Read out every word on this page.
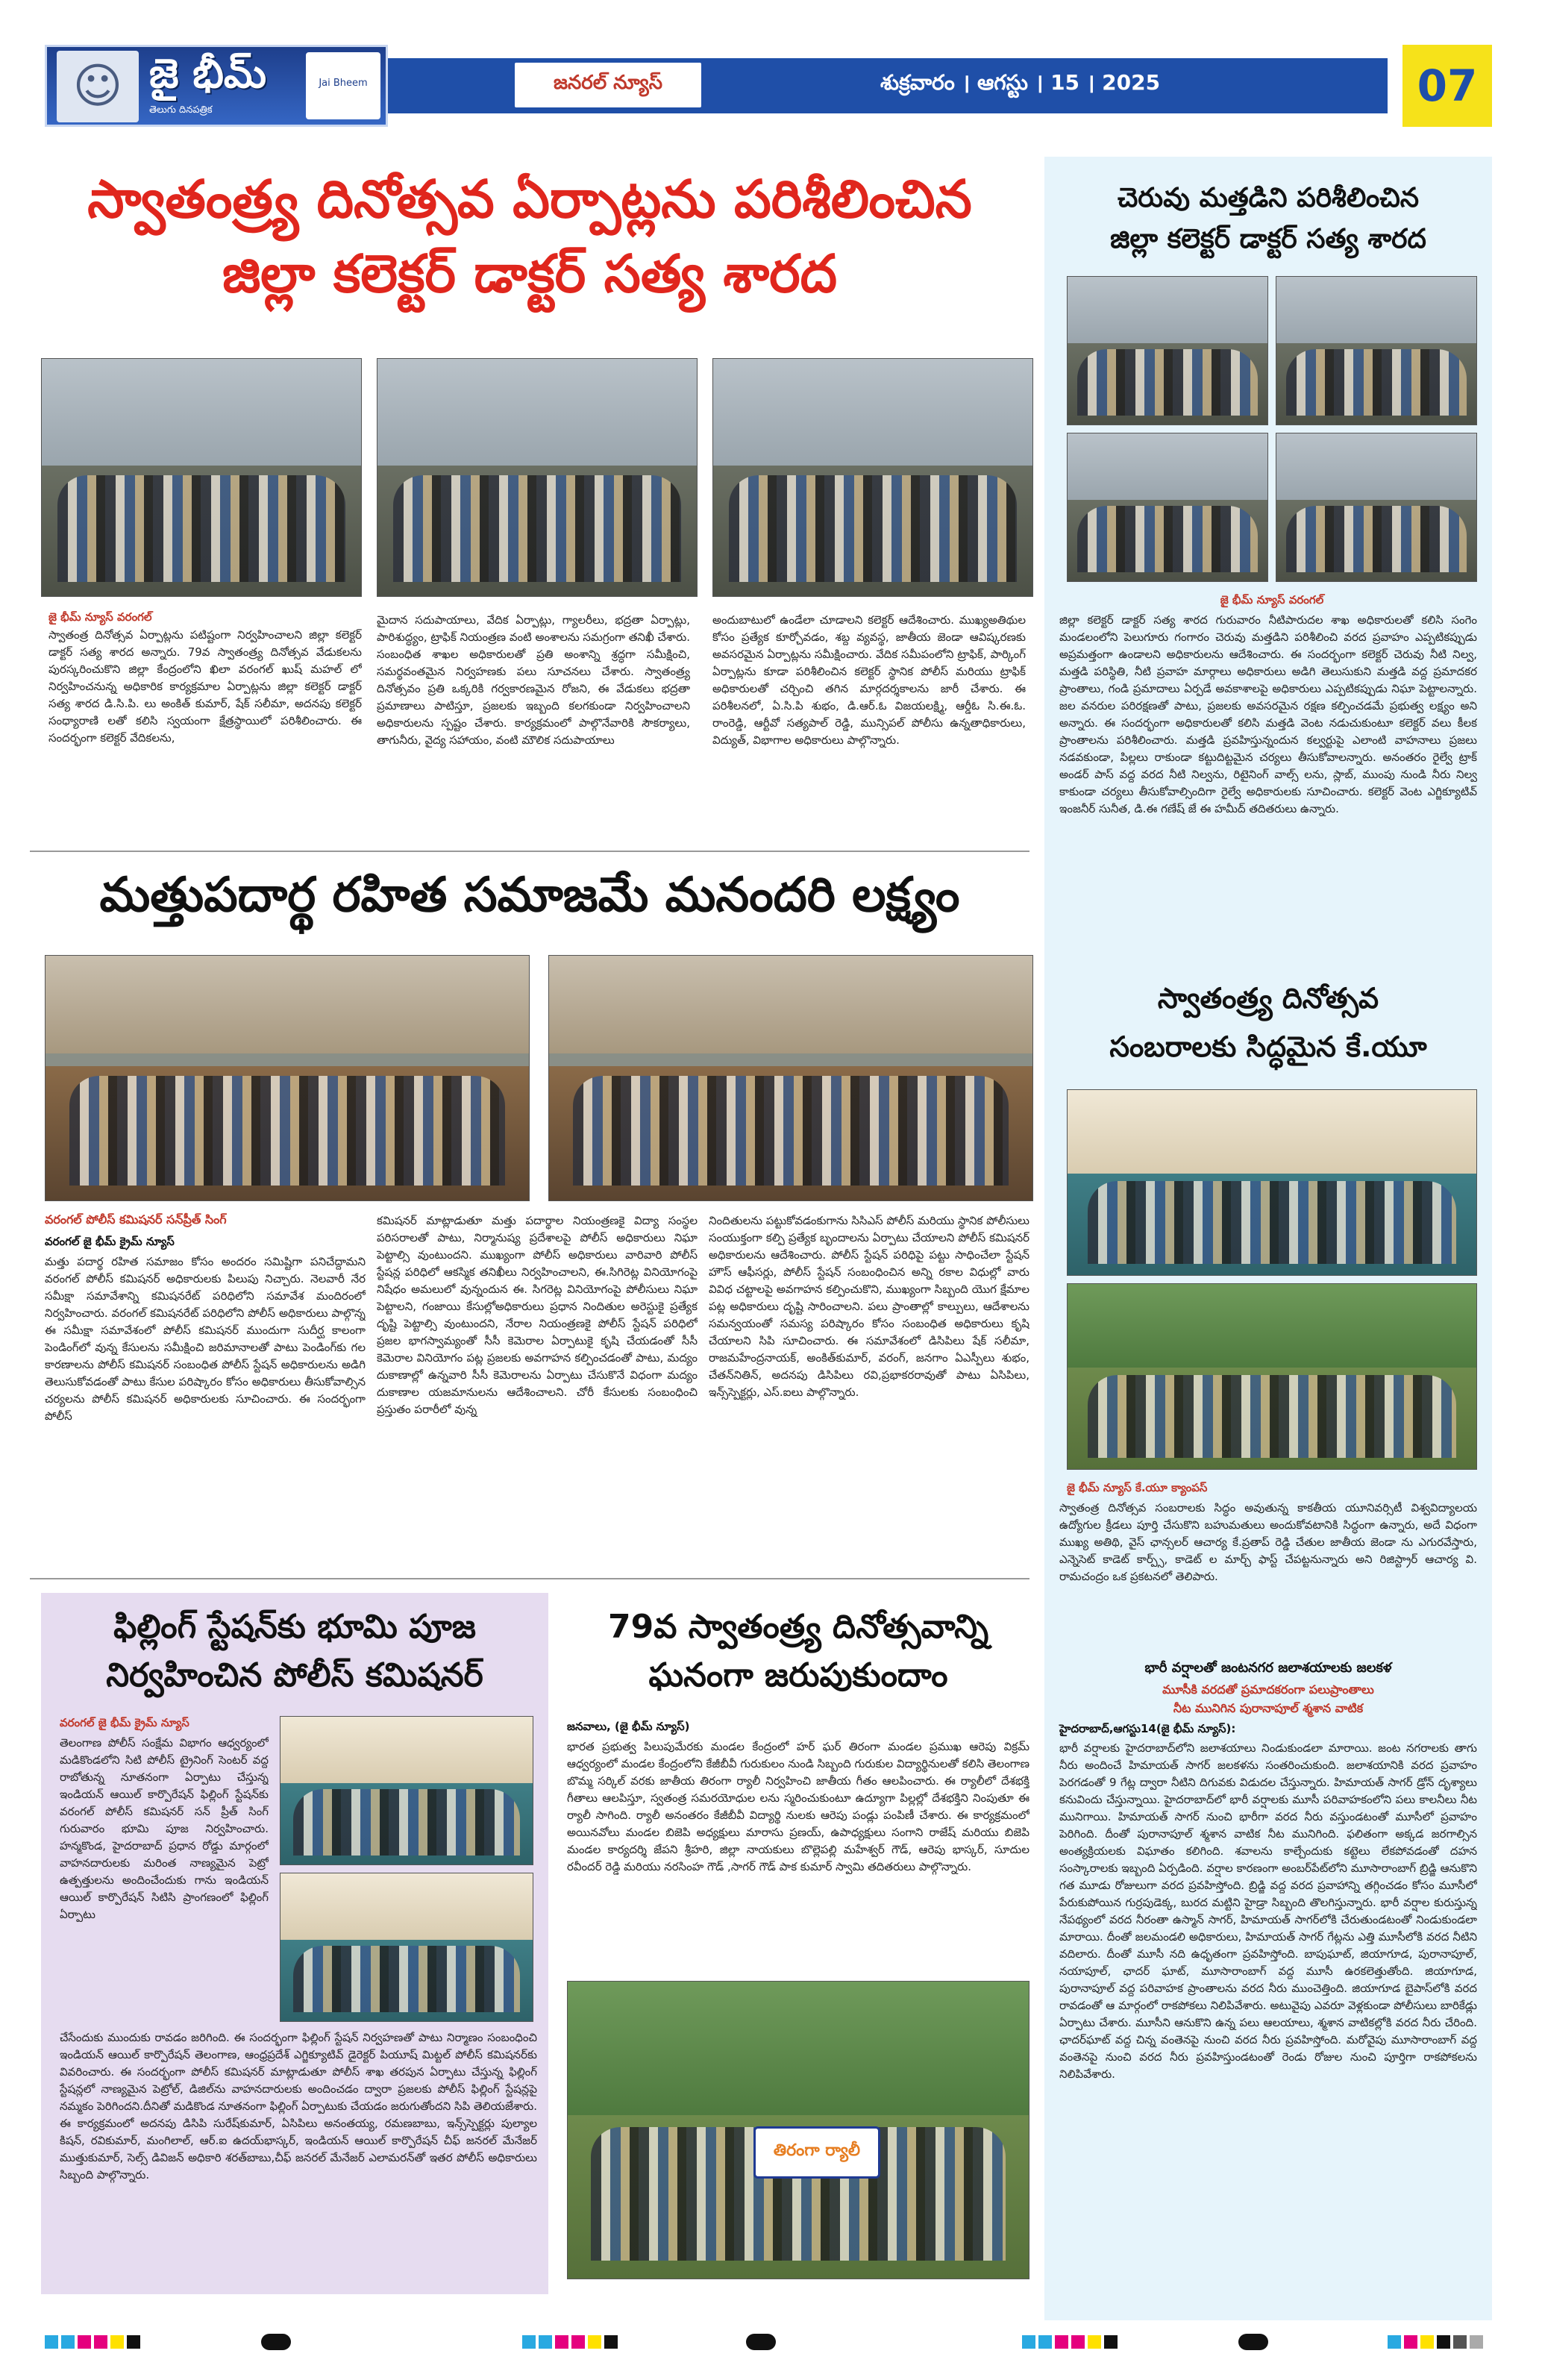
☺ జై భీమ్
తెలుగు దినపత్రిక
Jai Bheem	జనరల్ న్యూస్	శుక్రవారం । ఆగస్టు । 15 । 2025	07
స్వాతంత్ర్య దినోత్సవ ఏర్పాట్లను పరిశీలించిన
జిల్లా కలెక్టర్ డాక్టర్ సత్య శారద
జై భీమ్ న్యూస్ వరంగల్
స్వాతంత్ర దినోత్సవ ఏర్పాట్లను పటిష్టంగా నిర్వహించాలని జిల్లా కలెక్టర్ డాక్టర్ సత్య శారద అన్నారు. 79వ స్వాతంత్ర్య దినోత్సవ వేడుకలను పురస్కరించుకొని జిల్లా కేంద్రంలోని ఖిలా వరంగల్ ఖుష్ మహల్ లో నిర్వహించనున్న అధికారిక కార్యక్రమాల ఏర్పాట్లను జిల్లా కలెక్టర్ డాక్టర్ సత్య శారద డి.సి.పి. లు అంకిత్ కుమార్, షేక్ సలీమా, అదనపు కలెక్టర్ సంధ్యారాణి లతో కలిసి స్వయంగా క్షేత్రస్థాయిలో పరిశీలించారు. ఈ సందర్భంగా కలెక్టర్ వేదికలను,
మైదాన సదుపాయాలు, వేదిక ఏర్పాట్లు, గ్యాలరీలు, భద్రతా ఏర్పాట్లు, పారిశుద్ధ్యం, ట్రాఫిక్ నియంత్రణ వంటి అంశాలను సమగ్రంగా తనిఖీ చేశారు. సంబంధిత శాఖల అధికారులతో ప్రతి అంశాన్ని శ్రద్ధగా సమీక్షించి, సమర్థవంతమైన నిర్వహణకు పలు సూచనలు చేశారు. స్వాతంత్ర్య దినోత్సవం ప్రతి ఒక్కరికి గర్వకారణమైన రోజని, ఈ వేడుకలు భద్రతా ప్రమాణాలు పాటిస్తూ, ప్రజలకు ఇబ్బంది కలగకుండా నిర్వహించాలని అధికారులను స్పష్టం చేశారు. కార్యక్రమంలో పాల్గొనేవారికి సౌకర్యాలు, తాగునీరు, వైద్య సహాయం, వంటి మౌలిక సదుపాయాలు
అందుబాటులో ఉండేలా చూడాలని కలెక్టర్ ఆదేశించారు. ముఖ్యఅతిథుల కోసం ప్రత్యేక కూర్చోవడం, శబ్ద వ్యవస్థ, జాతీయ జెండా ఆవిష్కరణకు అవసరమైన ఏర్పాట్లను సమీక్షించారు. వేదిక సమీపంలోని ట్రాఫిక్, పార్కింగ్ ఏర్పాట్లను కూడా పరిశీలించిన కలెక్టర్ స్థానిక పోలీస్ మరియు ట్రాఫిక్ అధికారులతో చర్చించి తగిన మార్గదర్శకాలను జారీ చేశారు. ఈ పరిశీలనలో, ఏ.సి.పి శుభం, డి.ఆర్.ఓ విజయలక్ష్మి, ఆర్డీఓ సి.ఈ.ఓ. రాంరెడ్డి, ఆర్టీవో సత్యపాల్ రెడ్డి, మున్సిపల్ పోలీసు ఉన్నతాధికారులు, విద్యుత్, విభాగాల అధికారులు పాల్గొన్నారు.
మత్తుపదార్థ రహిత సమాజమే మనందరి లక్ష్యం
వరంగల్ పోలీస్ కమిషనర్ సన్‌ప్రీత్ సింగ్
వరంగల్ జై భీమ్ క్రైమ్ న్యూస్
మత్తు పదార్థ రహిత సమాజం కోసం అందరం సమిష్టిగా పనిచేద్దామని వరంగల్ పోలీస్ కమిషనర్ అధికారులకు పిలుపు నిచ్చారు. నెలవారీ నేర సమీక్షా సమావేశాన్ని కమిషనరేట్ పరిధిలోని సమావేశ మందిరంలో నిర్వహించారు. వరంగల్ కమిషనరేట్ పరిధిలోని పోలీస్ అధికారులు పాల్గొన్న ఈ సమీక్షా సమావేశంలో పోలీస్ కమిషనర్ ముందుగా సుదీర్ఘ కాలంగా పెండింగ్‌లో వున్న కేసులను సమీక్షించి జరిమానాలతో పాటు పెండింగ్‌కు గల కారణాలను పోలీస్ కమిషనర్ సంబంధిత పోలీస్ స్టేషన్ అధికారులను అడిగి తెలుసుకోవడంతో పాటు కేసుల పరిష్కారం కోసం అధికారులు తీసుకోవాల్సిన చర్యలను పోలీస్ కమిషనర్ అధికారులకు సూచించారు. ఈ సందర్భంగా పోలీస్
కమిషనర్ మాట్లాడుతూ మత్తు పదార్థాల నియంత్రణకై విద్యా సంస్థల పరిసరాలతో పాటు, నిర్మానుష్య ప్రదేశాలపై పోలీస్ అధికారులు నిఘా పెట్టాల్సి వుంటుందని. ముఖ్యంగా పోలీస్ అధికారులు వారివారి పోలీస్ స్టేషన్ల పరిధిలో ఆకస్మిక తనిఖీలు నిర్వహించాలని, ఈ.సిగిరెట్ల వినియోగంపై నిషేధం అమలులో వున్నందున ఈ. సిగరెట్ల వినియోగంపై పోలీసులు నిఘా పెట్టాలని, గంజాయి కేసుల్లోఅధికారులు ప్రధాన నిందితుల అరెస్టుకై ప్రత్యేక దృష్టి పెట్టాల్సి వుంటుందని, నేరాల నియంత్రణకై పోలీస్ స్టేషన్ పరిధిలో ప్రజల భాగస్వామ్యంతో సీసీ కెమెరాల ఏర్పాటుకై కృషి చేయడంతో సీసీ కెమెరాల వినియోగం పట్ల ప్రజలకు అవగాహన కల్పించడంతో పాటు, మద్యం దుకాణాల్లో ఉన్నవారి సీసీ కెమెరాలను ఏర్పాటు చేసుకొనే విధంగా మద్యం దుకాణాల యజమానులను ఆదేశించాలని. చోరీ కేసులకు సంబంధించి ప్రస్తుతం పరారీలో వున్న
నిందితులను పట్టుకోవడంకుగాను సిసిఎస్ పోలీస్ మరియు స్థానిక పోలీసులు సంయుక్తంగా కల్పి ప్రత్యేక బృందాలను ఏర్పాటు చేయాలని పోలీస్ కమిషనర్ అధికారులను ఆదేశించారు. పోలీస్ స్టేషన్ పరిధిపై పట్టు సాధించేలా స్టేషన్ హౌస్ ఆఫీసర్లు, పోలీస్ స్టేషన్ సంబంధించిన అన్ని రకాల విధుల్లో వారు వివిధ చట్టాలపై అవగాహన కల్పించుకొని, ముఖ్యంగా సిబ్బంది యొగ క్షేమాల పట్ల అధికారులు దృష్టి సారించాలని. పలు ప్రాంతాల్లో కాల్పులు, ఆదేశాలను సమన్వయంతో సమస్య పరిష్కారం కోసం సంబంధిత అధికారులు కృషి చేయాలని సిపి సూచించారు. ఈ సమావేశంలో డిసిపిలు షేక్ సలీమా, రాజమహేంద్రనాయక్, అంకిత్‌కుమార్, వరంగ్, జనగాం ఏఎస్పీలు శుభం, చేతన్‌నితిన్, అదనపు డిసిపిలు రవి,ప్రభాకరరావుతో పాటు ఏసిపిలు, ఇన్స్‌స్పెక్టర్లు, ఎస్.ఐలు పాల్గొన్నారు.
ఫిల్లింగ్ స్టేషన్‌కు భూమి పూజ
నిర్వహించిన పోలీస్ కమిషనర్
వరంగల్ జై భీమ్ క్రైమ్ న్యూస్
తెలంగాణ పోలీస్ సంక్షేమ విభాగం ఆధ్వర్యంలో మడికొండలోని సిటి పోలీస్ ట్రైనింగ్ సెంటర్ వద్ద రాబోతున్న నూతనంగా ఏర్పాటు చేస్తున్న ఇండియన్ ఆయిల్ కార్పొరేషన్ ఫిల్లింగ్ స్టేషన్‌కు వరంగల్ పోలీస్ కమిషనర్ సన్ ప్రీత్ సింగ్ గురువారం భూమి పూజ నిర్వహించారు. హన్మకొండ, హైదరాబాద్ ప్రధాన రోడ్డు మార్గంలో వాహనదారులకు మరింత నాణ్యమైన పెట్రో ఉత్పత్తులను అందించేందుకు గాను ఇండియన్ ఆయిల్ కార్పొరేషన్ సిటిసి ప్రాంగణంలో ఫిల్లింగ్ ఏర్పాటు
చేసేందుకు ముందుకు రావడం జరిగింది. ఈ సందర్భంగా ఫిల్లింగ్ స్టేషన్ నిర్వహణతో పాటు నిర్మాణం సంబంధించి ఇండియన్ ఆయిల్ కార్పొరేషన్ తెలంగాణ, ఆంధ్రప్రదేశ్ ఎగ్జిక్యూటివ్ డైరెక్టర్ పియూష్ మిట్టల్ పోలీస్ కమిషనర్‌కు వివరించారు. ఈ సందర్భంగా పోలీస్ కమిషనర్ మాట్లాడుతూ పోలీస్ శాఖ తరపున ఏర్పాటు చేస్తున్న ఫిల్లింగ్ స్టేషన్లలో నాణ్యమైన పెట్రోల్, డిజిల్‌ను వాహనదారులకు అందించడం ద్వారా ప్రజలకు పోలీస్ ఫిల్లింగ్ స్టేషన్లపై నమ్మకం పెరిగిందని.దీనితో మడికొండ నూతనంగా ఫిల్లింగ్ ఏర్పాటుకు చేయడం జరుగుతోందని సిపి తెలియజేశారు. ఈ కార్యక్రమంలో అదనపు డిసిపి సురేష్‌కుమార్, ఏసిపిలు అనంతయ్య, రమణబాబు, ఇన్స్‌స్పెక్టర్లు పుల్యాల కిషన్, రవికుమార్, మంగిలాల్, ఆర్.ఐ ఉదయ్‌భాస్కర్, ఇండియన్ ఆయిల్ కార్పొరేషన్ చీఫ్ జనరల్ మేనేజర్ ముత్తుకుమార్, సెల్స్ డివిజన్ అధికారి శరత్‌బాబు,చీఫ్ జనరల్ మేనేజర్ ఎలామరన్‌తో ఇతర పోలీస్ అధికారులు సిబ్బంది పాల్గొన్నారు.
79వ స్వాతంత్ర్య దినోత్సవాన్ని
ఘనంగా జరుపుకుందాం
జనవాలు, (జై భీమ్ న్యూస్)
భారత ప్రభుత్వ పిలుపుమేరకు మండల కేంద్రంలో హర్ ఘర్ తిరంగా మండల ప్రముఖ ఆరెపు విక్రమ్ ఆధ్వర్యంలో మండల కేంద్రంలోని కేజీబీవీ గురుకులం నుండి సిబ్బంది గురుకుల విద్యార్థినులతో కలిసి తెలంగాణ బొమ్మ సర్కిల్ వరకు జాతీయ తిరంగా ర్యాలీ నిర్వహించి జాతీయ గీతం ఆలపించారు. ఈ ర్యాలీలో దేశభక్తి గీతాలు ఆలపిస్తూ, స్వతంత్ర సమరయోధుల లను స్మరించుకుంటూ ఉద్యూగా పిల్లల్లో దేశభక్తిని నింపుతూ ఈ ర్యాలీ సాగింది. ర్యాలీ అనంతరం కేజీబీవీ విద్యార్థి నులకు ఆరెపు పండ్లు పంపిణీ చేశారు. ఈ కార్యక్రమంలో అయినవోలు మండల బిజెపి అధ్యక్షులు మారాసు ప్రణయ్, ఉపాధ్యక్షులు సంగాని రాజేష్ మరియు బిజెపి మండల కార్యదర్శి జేపని శ్రీహరి, జిల్లా నాయకులు బొల్లెపల్లి మహేశ్వర్ గౌడ్, ఆరెపు భాస్కర్, సూదుల రవీందర్ రెడ్డి మరియు నరసింహ గౌడ్ ,సాగర్ గౌడ్ పాక కుమార్ స్వామి తదితరులు పాల్గొన్నారు.
తిరంగా ర్యాలీ
చెరువు మత్తడిని పరిశీలించిన
జిల్లా కలెక్టర్ డాక్టర్ సత్య శారద
జై భీమ్ న్యూస్ వరంగల్
జిల్లా కలెక్టర్ డాక్టర్ సత్య శారద గురువారం నీటిపారుదల శాఖ అధికారులతో కలిసి సంగెం మండలంలోని పెలుగూరు గంగారం చెరువు మత్తడిని పరిశీలించి వరద ప్రవాహం ఎప్పటికప్పుడు అప్రమత్తంగా ఉండాలని అధికారులను ఆదేశించారు. ఈ సందర్భంగా కలెక్టర్ చెరువు నీటి నిల్వ, మత్తడి పరిస్థితి, నీటి ప్రవాహ మార్గాలు అధికారులు అడిగి తెలుసుకుని మత్తడి వద్ద ప్రమాదకర ప్రాంతాలు, గండి ప్రమాదాలు ఏర్పడే అవకాశాలపై అధికారులు ఎప్పటికప్పుడు నిఘా పెట్టాలన్నారు. జల వనరుల పరిరక్షణతో పాటు, ప్రజలకు అవసరమైన రక్షణ కల్పించడమే ప్రభుత్వ లక్ష్యం అని అన్నారు. ఈ సందర్భంగా అధికారులతో కలిసి మత్తడి వెంట నడుచుకుంటూ కలెక్టర్ వలు కీలక ప్రాంతాలను పరిశీలించారు. మత్తడి ప్రవహిస్తున్నందున కల్వర్టుపై ఎలాంటి వాహనాలు ప్రజలు నడవకుండా, పిల్లలు రాకుండా కట్టుదిట్టమైన చర్యలు తీసుకోవాలన్నారు. అనంతరం రైల్వే ట్రాక్ అండర్ పాస్ వద్ద వరద నీటి నిల్వను, రిటైనింగ్ వాల్స్ లను, స్లాబ్, ముంపు నుండి నీరు నిల్వ కాకుండా చర్యలు తీసుకోవాల్సిందిగా రైల్వే అధికారులకు సూచించారు. కలెక్టర్ వెంట ఎగ్జిక్యూటివ్ ఇంజనీర్ సునీత, డి.ఈ గణేష్ జే ఈ హమీద్ తదితరులు ఉన్నారు.
స్వాతంత్ర్య దినోత్సవ
సంబరాలకు సిద్ధమైన కే.యూ
జై భీమ్ న్యూస్ కే.యూ క్యాంపస్
స్వాతంత్ర దినోత్సవ సంబరాలకు సిద్ధం అవుతున్న కాకతీయ యూనివర్సిటీ విశ్వవిద్యాలయ ఉద్యోగుల క్రీడలు పూర్తి చేసుకొని బహుమతులు అందుకోవటానికి సిద్ధంగా ఉన్నారు, అదే విధంగా ముఖ్య అతిథి, వైస్ ఛాన్సలర్ ఆచార్య కే.ప్రతాప్ రెడ్డి చేతుల జాతీయ జెండా ను ఎగురవేస్తారు, ఎన్నెసెట్ కాడెట్ కార్ప్స్, కాడెట్ ల మార్చ్ ఫాస్ట్ చేపట్టనున్నారు అని రిజిస్ట్రార్ ఆచార్య వి. రామచంద్రం ఒక ప్రకటనలో తెలిపారు.
భారీ వర్షాలతో జంటనగర జలాశయాలకు జలకళ
మూసీకి వరదతో ప్రమాదకరంగా పలుప్రాంతాలు
నీట మునిగిన పురానాపూల్ శ్మశాన వాటిక
హైదరాబాద్,ఆగస్టు14(జై భీమ్ న్యూస్):
భారీ వర్షాలకు హైదరాబాద్‌లోని జలాశయాలు నిండుకుండలా మారాయి. జంట నగరాలకు తాగు నీరు అందించే హిమాయత్ సాగర్ జలకళను సంతరించుకుంది. జలాశయానికి వరద ప్రవాహం పెరగడంతో 9 గేట్ల ద్వారా నీటిని దిగువకు విడుదల చేస్తున్నారు. హిమాయత్ సాగర్ డ్రోన్ దృశ్యాలు కనువిందు చేస్తున్నాయి. హైదరాబాద్‌లో భారీ వర్షాలకు మూసీ పరివాహకంలోని పలు కాలనీలు నీట మునిగాయి. హిమాయత్ సాగర్ నుంచి భారీగా వరద నీరు వస్తుండటంతో మూసీలో ప్రవాహం పెరిగింది. దీంతో పురానాపూల్ శ్మశాన వాటిక నీట మునిగింది. ఫలితంగా అక్కడ జరగాల్సిన అంత్యక్రియలకు విఘాతం కలిగింది. శవాలను కాల్చేందుకు కట్టెలు లేకపోవడంతో దహన సంస్కారాలకు ఇబ్బంది ఏర్పడింది. వర్షాల కారణంగా అంబర్‌పేట్‌లోని మూసారాంబాగ్ బ్రిడ్జి ఆనుకొని గత మూడు రోజులుగా వరద ప్రవహిస్తోంది. బ్రిడ్జి వద్ద వరద ప్రవాహాన్ని తగ్గించడం కోసం మూసీలో పేరుకుపోయిన గుర్రపుడెక్క, బురద మట్టిని హైడ్రా సిబ్బంది తొలగిస్తున్నారు. భారీ వర్షాల కురుస్తున్న నేపథ్యంలో వరద నీరంతా ఉస్మాన్ సాగర్, హిమాయత్ సాగర్‌లోకి చేరుతుండటంతో నిండుకుండలా మారాయి. దీంతో జలమండలి అధికారులు, హిమాయత్ సాగర్ గేట్లను ఎత్తి మూసీలోకి వరద నీటిని వదిలారు. దీంతో మూసీ నది ఉధృతంగా ప్రవహిస్తోంది. బాపుఘాట్, జియాగూడ, పురానాపూల్, నయాపూల్, ఛాదర్ ఘాట్, మూసారాంబాగ్ వద్ద మూసీ ఉరకలెత్తుతోంది. జియాగూడ, పురానాపూల్ వద్ద పరివాహక ప్రాంతాలను వరద నీరు ముంచెత్తింది. జియాగూడ బైపాస్‌లోకి వరద రావడంతో ఆ మార్గంలో రాకపోకలు నిలిపివేశారు. అటువైపు ఎవరూ వెళ్లకుండా పోలీసులు బారికేడ్లు ఏర్పాటు చేశారు. మూసీని ఆనుకొని ఉన్న పలు ఆలయాలు, శ్మశాన వాటికల్లోకి వరద నీరు చేరింది. ఛాదర్‌ఘాట్ వద్ద చిన్న వంతెనపై నుంచి వరద నీరు ప్రవహిస్తోంది. మరోవైపు మూసారాంబాగ్ వద్ద వంతెనపై నుంచి వరద నీరు ప్రవహిస్తుండటంతో రెండు రోజుల నుంచి పూర్తిగా రాకపోకలను నిలిపివేశారు.
